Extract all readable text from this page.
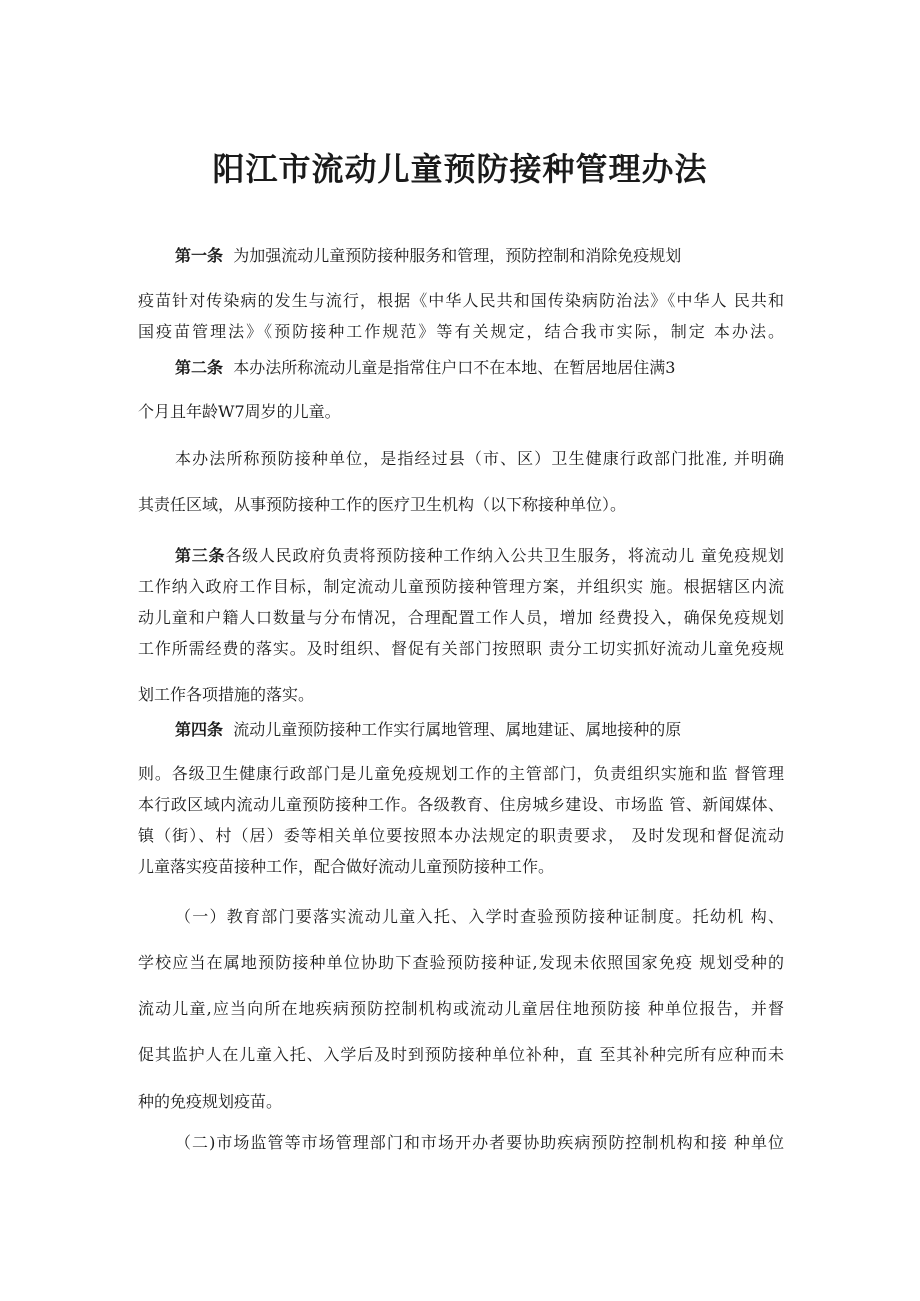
阳江市流动儿童预防接种管理办法

第一条 为加强流动儿童预防接种服务和管理，预防控制和消除免疫规划

疫苗针对传染病的发生与流行，根据《中华人民共和国传染病防治法》《中华人 民共和

国疫苗管理法》《预防接种工作规范》等有关规定，结合我市实际，制定 本办法。

第二条 本办法所称流动儿童是指常住户口不在本地、在暂居地居住满3

个月且年龄W7周岁的儿童。

本办法所称预防接种单位，是指经过县（市、区）卫生健康行政部门批准, 并明确

其责任区域，从事预防接种工作的医疗卫生机构（以下称接种单位）。

第三条各级人民政府负责将预防接种工作纳入公共卫生服务，将流动儿 童免疫规划

工作纳入政府工作目标，制定流动儿童预防接种管理方案，并组织实 施。根据辖区内流

动儿童和户籍人口数量与分布情况，合理配置工作人员，增加 经费投入，确保免疫规划

工作所需经费的落实。及时组织、督促有关部门按照职 责分工切实抓好流动儿童免疫规

划工作各项措施的落实。

第四条 流动儿童预防接种工作实行属地管理、属地建证、属地接种的原

则。各级卫生健康行政部门是儿童免疫规划工作的主管部门，负责组织实施和监 督管理

本行政区域内流动儿童预防接种工作。各级教育、住房城乡建设、市场监 管、新闻媒体、

镇（街）、村（居）委等相关单位要按照本办法规定的职责要求， 及时发现和督促流动

儿童落实疫苗接种工作，配合做好流动儿童预防接种工作。

（一）教育部门要落实流动儿童入托、入学时查验预防接种证制度。托幼机 构、

学校应当在属地预防接种单位协助下查验预防接种证,发现未依照国家免疫 规划受种的

流动儿童,应当向所在地疾病预防控制机构或流动儿童居住地预防接 种单位报告，并督

促其监护人在儿童入托、入学后及时到预防接种单位补种，直 至其补种完所有应种而未

种的免疫规划疫苗。

（二)市场监管等市场管理部门和市场开办者要协助疾病预防控制机构和接 种单位
